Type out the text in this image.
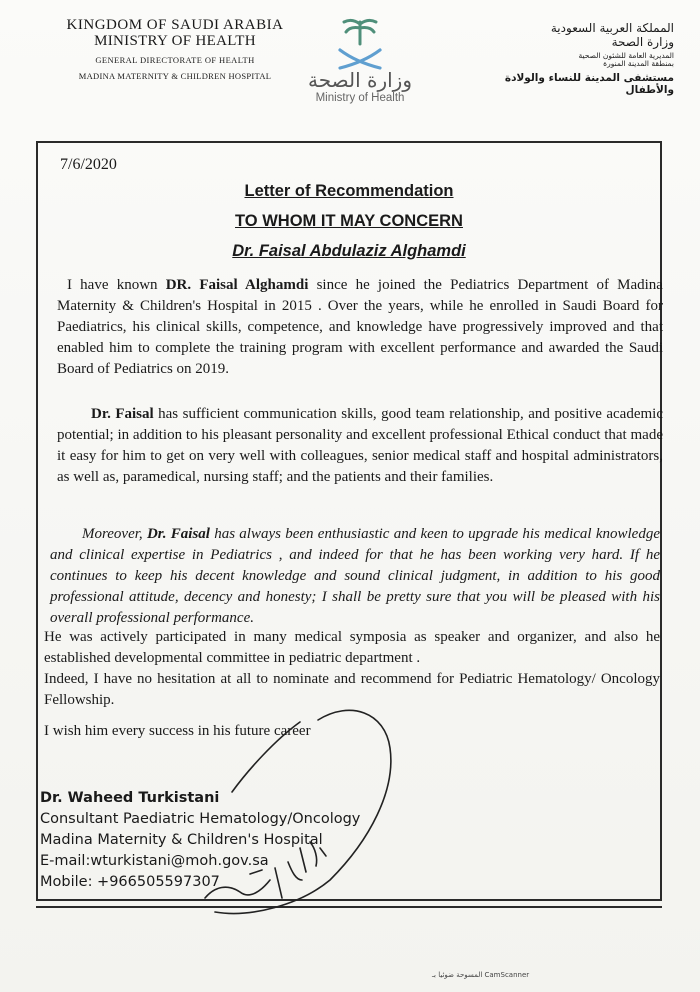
KINGDOM OF SAUDI ARABIA
MINISTRY OF HEALTH
GENERAL DIRECTORATE OF HEALTH
MADINA MATERNITY & CHILDREN HOSPITAL	وزارة الصحة
Ministry of Health
المملكة العربية السعودية
وزارة الصحة
المديرية العامة للشئون الصحية
بمنطقة المدينة المنورة
مستشفى المدينة للنساء والولادة والأطفال
7/6/2020
Letter of Recommendation
TO WHOM IT MAY CONCERN
Dr. Faisal Abdulaziz Alghamdi
I have known DR. Faisal Alghamdi since he joined the Pediatrics Department of Madina Maternity & Children's Hospital in 2015 . Over the years, while he enrolled in Saudi Board for Paediatrics, his clinical skills, competence, and knowledge have progressively improved and that enabled him to complete the training program with excellent performance and awarded the Saudi Board of Pediatrics on 2019.
Dr. Faisal has sufficient communication skills, good team relationship, and positive academic potential; in addition to his pleasant personality and excellent professional Ethical conduct that made it easy for him to get on very well with colleagues, senior medical staff and hospital administrators, as well as, paramedical, nursing staff; and the patients and their families.
Moreover, Dr. Faisal has always been enthusiastic and keen to upgrade his medical knowledge and clinical expertise in Pediatrics , and indeed for that he has been working very hard. If he continues to keep his decent knowledge and sound clinical judgment, in addition to his good professional attitude, decency and honesty; I shall be pretty sure that you will be pleased with his overall professional performance.
He was actively participated in many medical symposia as speaker and organizer, and also he established developmental committee in pediatric department .
Indeed, I have no hesitation at all to nominate and recommend for Pediatric Hematology/ Oncology Fellowship.
I wish him every success in his future career
Dr. Waheed Turkistani
Consultant Paediatric Hematology/Oncology
Madina Maternity & Children's Hospital
E-mail:wturkistani@moh.gov.sa
Mobile: +966505597307
المسوحة ضوئيا بـ CamScanner
